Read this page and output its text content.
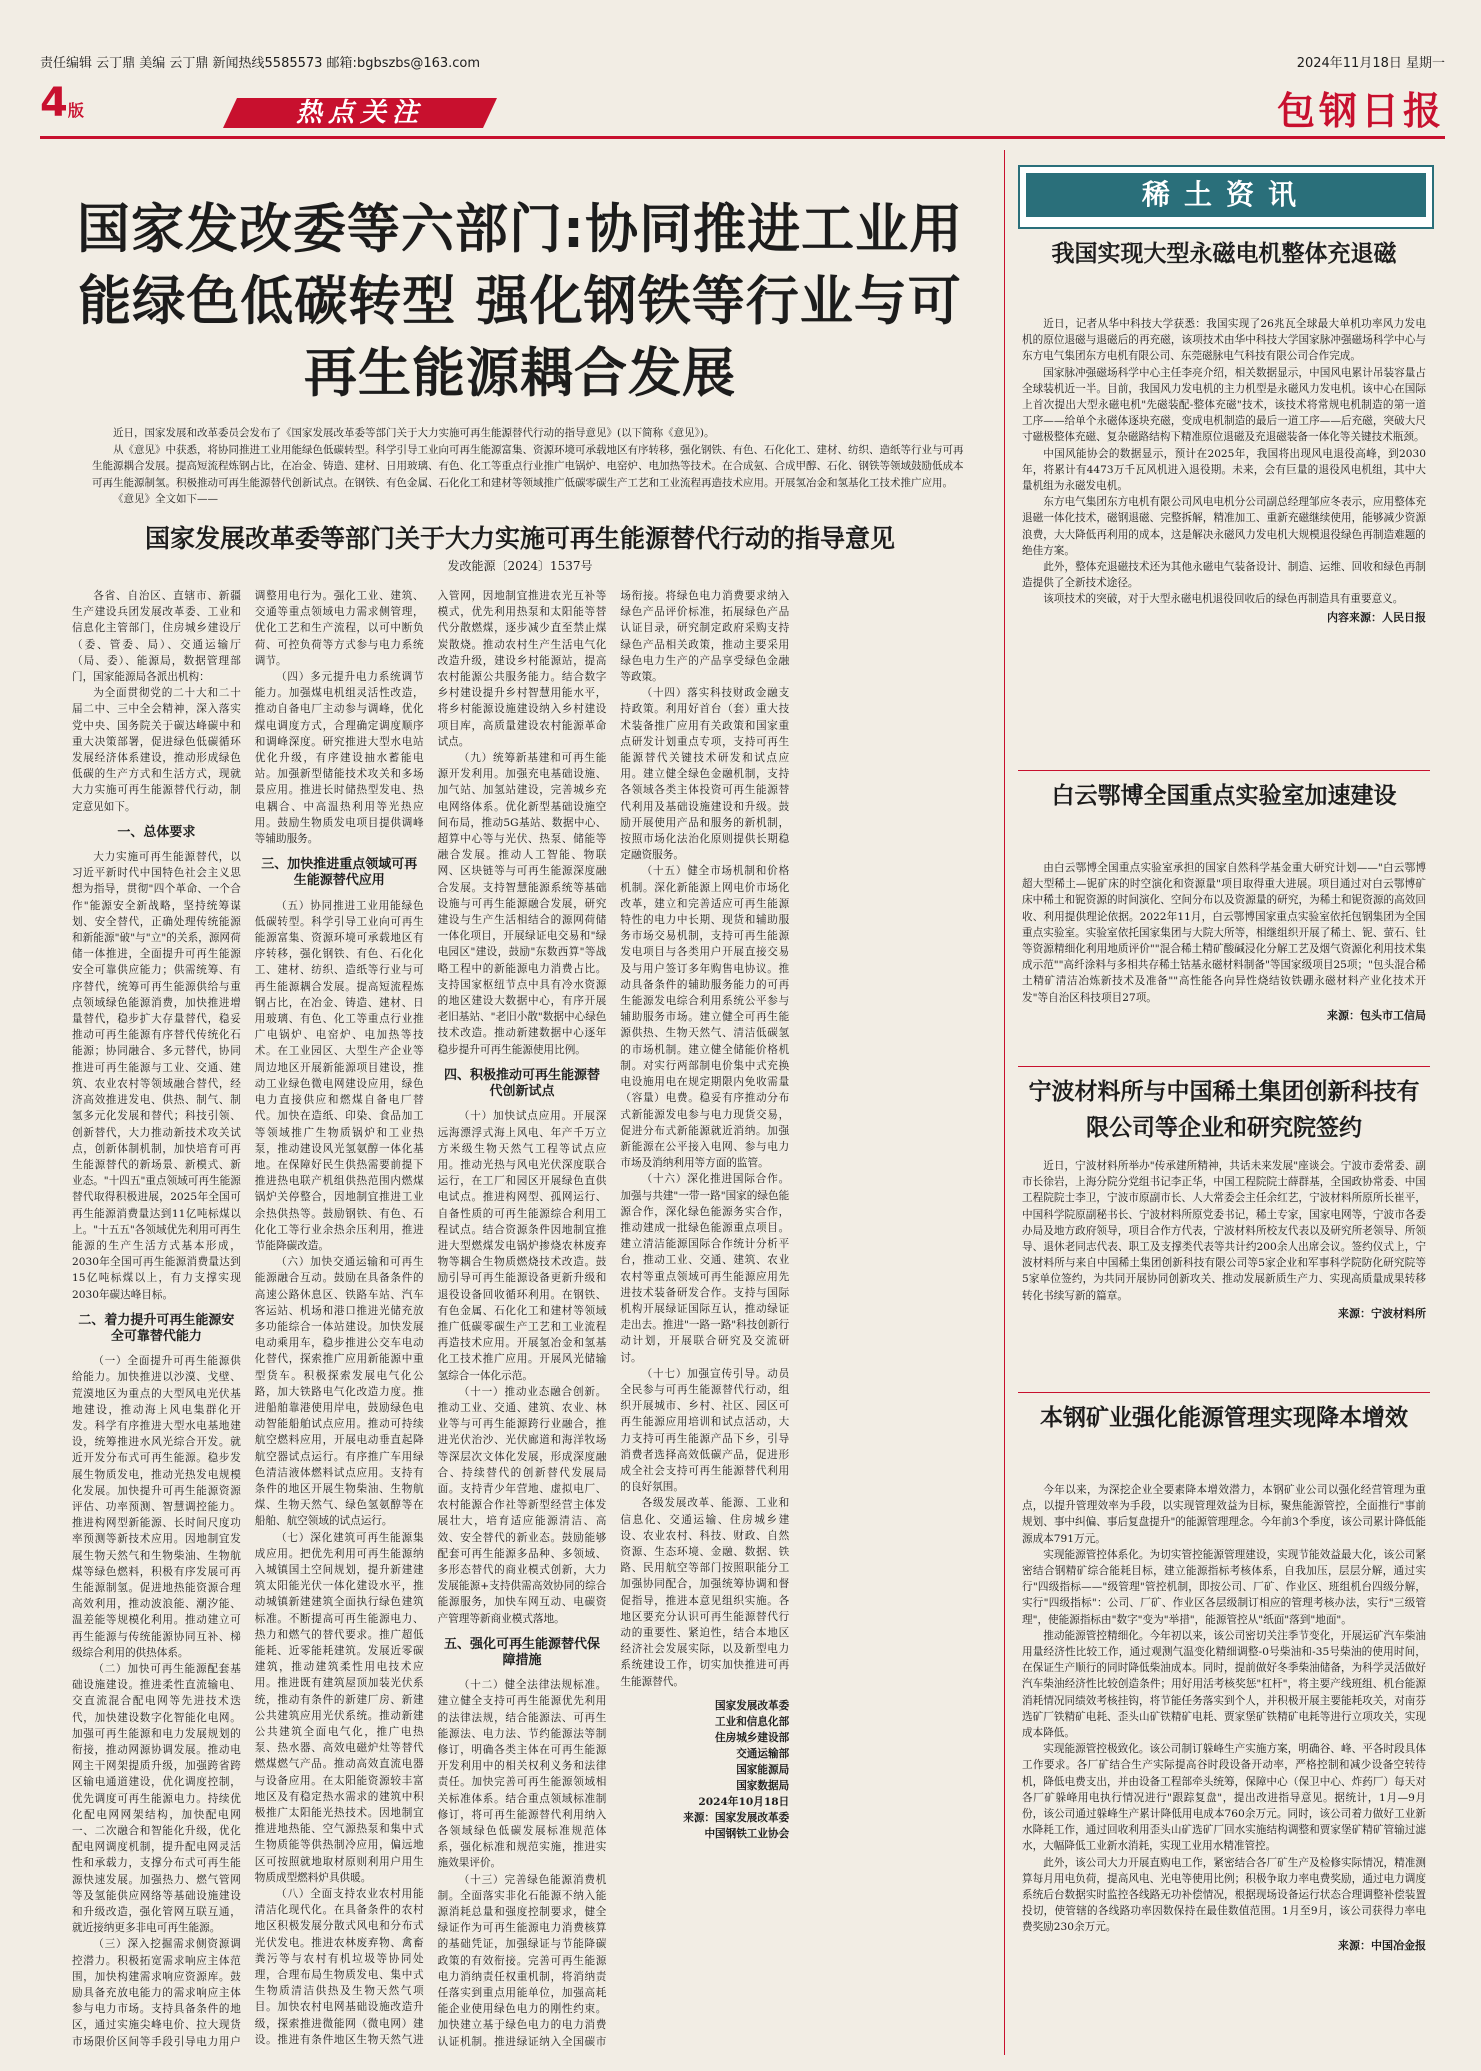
责任编辑 云丁鼎 美编 云丁鼎 新闻热线5585573 邮箱:bgbszbs@163.com	2024年11月18日 星期一
4版	热点关注	包钢日报
国家发改委等六部门:协同推进工业用能绿色低碳转型 强化钢铁等行业与可再生能源耦合发展

近日，国家发展和改革委员会发布了《国家发展改革委等部门关于大力实施可再生能源替代行动的指导意见》(以下简称《意见》)。

从《意见》中获悉，将协同推进工业用能绿色低碳转型。科学引导工业向可再生能源富集、资源环境可承载地区有序转移，强化钢铁、有色、石化化工、建材、纺织、造纸等行业与可再生能源耦合发展。提高短流程炼钢占比，在冶金、铸造、建材、日用玻璃、有色、化工等重点行业推广电锅炉、电窑炉、电加热等技术。在合成氨、合成甲醇、石化、钢铁等领域鼓励低成本可再生能源制氢。积极推动可再生能源替代创新试点。在钢铁、有色金属、石化化工和建材等领域推广低碳零碳生产工艺和工业流程再造技术应用。开展氢冶金和氢基化工技术推广应用。

《意见》全文如下——

国家发展改革委等部门关于大力实施可再生能源替代行动的指导意见
发改能源〔2024〕1537号

各省、自治区、直辖市、新疆生产建设兵团发展改革委、工业和信息化主管部门，住房城乡建设厅（委、管委、局）、交通运输厅（局、委）、能源局，数据管理部门，国家能源局各派出机构：

为全面贯彻党的二十大和二十届二中、三中全会精神，深入落实党中央、国务院关于碳达峰碳中和重大决策部署，促进绿色低碳循环发展经济体系建设，推动形成绿色低碳的生产方式和生活方式，现就大力实施可再生能源替代行动，制定意见如下。

一、总体要求

大力实施可再生能源替代，以习近平新时代中国特色社会主义思想为指导，贯彻"四个革命、一个合作"能源安全新战略，坚持统筹谋划、安全替代，正确处理传统能源和新能源"破"与"立"的关系，源网荷储一体推进，全面提升可再生能源安全可靠供应能力；供需统筹、有序替代，统筹可再生能源供给与重点领域绿色能源消费，加快推进增量替代，稳步扩大存量替代，稳妥推动可再生能源有序替代传统化石能源；协同融合、多元替代，协同推进可再生能源与工业、交通、建筑、农业农村等领域融合替代，经济高效推进发电、供热、制气、制氢多元化发展和替代；科技引领、创新替代，大力推动新技术攻关试点，创新体制机制，加快培育可再生能源替代的新场景、新模式、新业态。"十四五"重点领域可再生能源替代取得积极进展，2025年全国可再生能源消费量达到11亿吨标煤以上。"十五五"各领域优先利用可再生能源的生产生活方式基本形成，2030年全国可再生能源消费量达到15亿吨标煤以上，有力支撑实现2030年碳达峰目标。

二、着力提升可再生能源安全可靠替代能力

（一）全面提升可再生能源供给能力。加快推进以沙漠、戈壁、荒漠地区为重点的大型风电光伏基地建设，推动海上风电集群化开发。科学有序推进大型水电基地建设，统筹推进水风光综合开发。就近开发分布式可再生能源。稳步发展生物质发电，推动光热发电规模化发展。加快提升可再生能源资源评估、功率预测、智慧调控能力。推进构网型新能源、长时间尺度功率预测等新技术应用。因地制宜发展生物天然气和生物柴油、生物航煤等绿色燃料，积极有序发展可再生能源制氢。促进地热能资源合理高效利用，推动波浪能、潮汐能、温差能等规模化利用。推动建立可再生能源与传统能源协同互补、梯级综合利用的供热体系。

（二）加快可再生能源配套基础设施建设。推进柔性直流输电、交直流混合配电网等先进技术迭代，加快建设数字化智能化电网。加强可再生能源和电力发展规划的衔接，推动网源协调发展。推动电网主干网架提质升级，加强跨省跨区输电通道建设，优化调度控制，优先调度可再生能源电力。持续优化配电网网架结构，加快配电网一、二次融合和智能化升级，优化配电网调度机制，提升配电网灵活性和承载力，支撑分布式可再生能源快速发展。加强热力、燃气管网等及氢能供应网络等基础设施建设和升级改造，强化管网互联互通，就近接纳更多非电可再生能源。

（三）深入挖掘需求侧资源调控潜力。积极拓宽需求响应主体范围，加快构建需求响应资源库。鼓励具备充放电能力的需求响应主体参与电力市场。支持具备条件的地区，通过实施尖峰电价、拉大现货市场限价区间等手段引导电力用户调整用电行为。强化工业、建筑、交通等重点领域电力需求侧管理，优化工艺和生产流程，以可中断负荷、可控负荷等方式参与电力系统调节。

（四）多元提升电力系统调节能力。加强煤电机组灵活性改造，推动自备电厂主动参与调峰，优化煤电调度方式，合理确定调度顺序和调峰深度。研究推进大型水电站优化升级，有序建设抽水蓄能电站。加强新型储能技术攻关和多场景应用。推进长时储热型发电、热电耦合、中高温热利用等光热应用。鼓励生物质发电项目提供调峰等辅助服务。

三、加快推进重点领域可再生能源替代应用

（五）协同推进工业用能绿色低碳转型。科学引导工业向可再生能源富集、资源环境可承载地区有序转移，强化钢铁、有色、石化化工、建材、纺织、造纸等行业与可再生能源耦合发展。提高短流程炼钢占比，在冶金、铸造、建材、日用玻璃、有色、化工等重点行业推广电锅炉、电窑炉、电加热等技术。在工业园区、大型生产企业等周边地区开展新能源项目建设，推动工业绿色微电网建设应用，绿色电力直接供应和燃煤自备电厂替代。加快在造纸、印染、食品加工等领域推广生物质锅炉和工业热泵，推动建设风光氢氨醇一体化基地。在保障好民生供热需要前提下推进热电联产机组供热范围内燃煤锅炉关停整合，因地制宜推进工业余热供热等。鼓励钢铁、有色、石化化工等行业余热余压利用，推进节能降碳改造。

（六）加快交通运输和可再生能源融合互动。鼓励在具备条件的高速公路休息区、铁路车站、汽车客运站、机场和港口推进光储充放多功能综合一体站建设。加快发展电动乘用车，稳步推进公交车电动化替代，探索推广应用新能源中重型货车。积极探索发展电气化公路，加大铁路电气化改造力度。推进船舶靠港使用岸电，鼓励绿色电动智能船舶试点应用。推动可持续航空燃料应用，开展电动垂直起降航空器试点运行。有序推广车用绿色清洁液体燃料试点应用。支持有条件的地区开展生物柴油、生物航煤、生物天然气、绿色氢氨醇等在船舶、航空领域的试点运行。

（七）深化建筑可再生能源集成应用。把优先利用可再生能源纳入城镇国土空间规划，提升新建建筑太阳能光伏一体化建设水平，推动城镇新建建筑全面执行绿色建筑标准。不断提高可再生能源电力、热力和燃气的替代要求。推广超低能耗、近零能耗建筑。发展近零碳建筑，推动建筑柔性用电技术应用。推进既有建筑屋顶加装光伏系统，推动有条件的新建厂房、新建公共建筑应用光伏系统。推动新建公共建筑全面电气化，推广电热泵、热水器、高效电磁炉灶等替代燃煤燃气产品。推动高效直流电器与设备应用。在太阳能资源较丰富地区及有稳定热水需求的建筑中积极推广太阳能光热技术。因地制宜推进地热能、空气源热泵和集中式生物质能等供热制冷应用，偏远地区可按照就地取材原则利用户用生物质成型燃料炉具供暖。

（八）全面支持农业农村用能清洁化现代化。在具备条件的农村地区积极发展分散式风电和分布式光伏发电。推进农林废弃物、禽畜粪污等与农村有机垃圾等协同处理，合理布局生物质发电、集中式生物质清洁供热及生物天然气项目。加快农村电网基础设施改造升级，探索推进微能网（微电网）建设。推进有条件地区生物天然气进入管网，因地制宜推进农光互补等模式，优先利用热泵和太阳能等替代分散燃煤，逐步减少直至禁止煤炭散烧。推动农村生产生活电气化改造升级，建设乡村能源站，提高农村能源公共服务能力。结合数字乡村建设提升乡村智慧用能水平，将乡村能源设施建设纳入乡村建设项目库，高质量建设农村能源革命试点。

（九）统筹新基建和可再生能源开发利用。加强充电基础设施、加气站、加氢站建设，完善城乡充电网络体系。优化新型基础设施空间布局，推动5G基站、数据中心、超算中心等与光伏、热泵、储能等融合发展。推动人工智能、物联网、区块链等与可再生能源深度融合发展。支持智慧能源系统等基础设施与可再生能源融合发展，研究建设与生产生活相结合的源网荷储一体化项目，开展绿证电交易和"绿电园区"建设，鼓励"东数西算"等战略工程中的新能源电力消费占比。支持国家枢纽节点中具有冷水资源的地区建设大数据中心，有序开展老旧基站、"老旧小散"数据中心绿色技术改造。推动新建数据中心逐年稳步提升可再生能源使用比例。

四、积极推动可再生能源替代创新试点

（十）加快试点应用。开展深远海漂浮式海上风电、年产千万立方米级生物天然气工程等试点应用。推动光热与风电光伏深度联合运行，在工厂和园区开展绿色直供电试点。推进构网型、孤网运行、自备性质的可再生能源综合利用工程试点。结合资源条件因地制宜推进大型燃煤发电锅炉掺烧农林废弃物等耦合生物质燃烧技术改造。鼓励引导可再生能源设备更新升级和退役设备回收循环利用。在钢铁、有色金属、石化化工和建材等领域推广低碳零碳生产工艺和工业流程再造技术应用。开展氢冶金和氢基化工技术推广应用。开展风光储输氢综合一体化示范。

（十一）推动业态融合创新。推动工业、交通、建筑、农业、林业等与可再生能源跨行业融合，推进光伏治沙、光伏廊道和海洋牧场等深层次文体化发展，形成深度融合、持续替代的创新替代发展局面。支持青少年营地、虚拟电厂、农村能源合作社等新型经营主体发展壮大，培育适应能源清洁、高效、安全替代的新业态。鼓励能够配套可再生能源多品种、多领域、多形态替代的商业模式创新，大力发展能源+支持供需高效协同的综合能源服务，加快车网互动、电碳资产管理等新商业模式落地。

五、强化可再生能源替代保障措施

（十二）健全法律法规标准。建立健全支持可再生能源优先利用的法律法规，结合能源法、可再生能源法、电力法、节约能源法等制修订，明确各类主体在可再生能源开发利用中的相关权利义务和法律责任。加快完善可再生能源领域相关标准体系。结合重点领域标准制修订，将可再生能源替代利用纳入各领域绿色低碳发展标准规范体系，强化标准和规范实施，推进实施效果评价。

（十三）完善绿色能源消费机制。全面落实非化石能源不纳入能源消耗总量和强度控制要求，健全绿证作为可再生能源电力消费核算的基础凭证，加强绿证与节能降碳政策的有效衔接。完善可再生能源电力消纳责任权重机制，将消纳责任落实到重点用能单位，加强高耗能企业使用绿色电力的刚性约束。加快建立基于绿色电力的电力消费认证机制。推进绿证纳入全国碳市场衔接。将绿色电力消费要求纳入绿色产品评价标准，拓展绿色产品认证目录，研究制定政府采购支持绿色产品相关政策，推动主要采用绿色电力生产的产品享受绿色金融等政策。

（十四）落实科技财政金融支持政策。利用好首台（套）重大技术装备推广应用有关政策和国家重点研发计划重点专项，支持可再生能源替代关键技术研发和试点应用。建立健全绿色金融机制，支持各领域各类主体投资可再生能源替代利用及基础设施建设和升级。鼓励开展使用产品和服务的新机制，按照市场化法治化原则提供长期稳定融资服务。

（十五）健全市场机制和价格机制。深化新能源上网电价市场化改革，建立和完善适应可再生能源特性的电力中长期、现货和辅助服务市场交易机制，支持可再生能源发电项目与各类用户开展直接交易及与用户签订多年购售电协议。推动具备条件的辅助服务能力的可再生能源发电综合利用系统公平参与辅助服务市场。建立健全可再生能源供热、生物天然气、清洁低碳氢的市场机制。建立健全储能价格机制。对实行两部制电价集中式充换电设施用电在规定期限内免收需量（容量）电费。稳妥有序推动分布式新能源发电参与电力现货交易，促进分布式新能源就近消纳。加强新能源在公平接入电网、参与电力市场及消纳利用等方面的监管。

（十六）深化推进国际合作。加强与共建"一带一路"国家的绿色能源合作，深化绿色能源务实合作，推动建成一批绿色能源重点项目。建立清洁能源国际合作统计分析平台，推动工业、交通、建筑、农业农村等重点领域可再生能源应用先进技术装备研发合作。支持与国际机构开展绿证国际互认，推动绿证走出去。推进"一路一路"科技创新行动计划，开展联合研究及交流研讨。

（十七）加强宣传引导。动员全民参与可再生能源替代行动，组织开展城市、乡村、社区、园区可再生能源应用培训和试点活动，大力支持可再生能源产品下乡，引导消费者选择高效低碳产品，促进形成全社会支持可再生能源替代利用的良好氛围。

各级发展改革、能源、工业和信息化、交通运输、住房城乡建设、农业农村、科技、财政、自然资源、生态环境、金融、数据、铁路、民用航空等部门按照职能分工加强协同配合，加强统筹协调和督促指导，推进本意见组织实施。各地区要充分认识可再生能源替代行动的重要性、紧迫性，结合本地区经济社会发展实际，以及新型电力系统建设工作，切实加快推进可再生能源替代。

国家发展改革委
工业和信息化部
住房城乡建设部
交通运输部
国家能源局
国家数据局
2024年10月18日
来源：国家发展改革委
中国钢铁工业协会
稀土资讯
我国实现大型永磁电机整体充退磁

近日，记者从华中科技大学获悉：我国实现了26兆瓦全球最大单机功率风力发电机的原位退磁与退磁后的再充磁，该项技术由华中科技大学国家脉冲强磁场科学中心与东方电气集团东方电机有限公司、东莞磁脉电气科技有限公司合作完成。

国家脉冲强磁场科学中心主任李亮介绍，相关数据显示，中国风电累计吊装容量占全球装机近一半。目前，我国风力发电机的主力机型是永磁风力发电机。该中心在国际上首次提出大型永磁电机"先磁装配-整体充磁"技术，该技术将常规电机制造的第一道工序——给单个永磁体逐块充磁，变成电机制造的最后一道工序——后充磁，突破大尺寸磁极整体充磁、复杂磁路结构下精准原位退磁及充退磁装备一体化等关键技术瓶颈。

中国风能协会的数据显示，预计在2025年，我国将出现风电退役高峰，到2030年，将累计有4473万千瓦风机进入退役期。未来，会有巨量的退役风电机组，其中大量机组为永磁发电机。

东方电气集团东方电机有限公司风电电机分公司副总经理邹应冬表示，应用整体充退磁一体化技术，磁钢退磁、完整拆解，精准加工、重新充磁继续使用，能够减少资源浪费，大大降低再利用的成本，这是解决永磁风力发电机大规模退役绿色再制造难题的绝佳方案。

此外，整体充退磁技术还为其他永磁电气装备设计、制造、运维、回收和绿色再制造提供了全新技术途径。

该项技术的突破，对于大型永磁电机退役回收后的绿色再制造具有重要意义。

内容来源：人民日报
白云鄂博全国重点实验室加速建设

由白云鄂博全国重点实验室承担的国家自然科学基金重大研究计划——"白云鄂博超大型稀土—铌矿床的时空演化和资源量"项目取得重大进展。项目通过对白云鄂博矿床中稀土和铌资源的时间演化、空间分布以及资源量的研究，为稀土和铌资源的高效回收、利用提供理论依据。2022年11月，白云鄂博国家重点实验室依托包钢集团为全国重点实验室。实验室依托国家集团与大院大所等，相继组织开展了稀土、铌、萤石、钍等资源精细化利用地质评价""混合稀土精矿酸碱浸化分解工艺及烟气资源化利用技术集成示范""高纤涂料与多相共存稀土钴基永磁材料制备"等国家级项目25项；"包头混合稀土精矿清洁冶炼新技术及准备""高性能各向异性烧结钕铁硼永磁材料产业化技术开发"等自治区科技项目27项。

来源：包头市工信局
宁波材料所与中国稀土集团创新科技有限公司等企业和研究院签约

近日，宁波材料所举办"传承建所精神，共话未来发展"座谈会。宁波市委常委、副市长徐岩，上海分院分党组书记李正华，中国工程院院士薛群基，全国政协常委、中国工程院院士李卫，宁波市原副市长、人大常委会主任余红艺，宁波材料所原所长崔平，中国科学院原副秘书长、宁波材料所原党委书记，稀土专家，国家电网等，宁波市各委办局及地方政府领导，项目合作方代表，宁波材料所校友代表以及研究所老领导、所领导、退休老同志代表、职工及支撑类代表等共计约200余人出席会议。签约仪式上，宁波材料所与来自中国稀土集团创新科技有限公司等5家企业和军事科学院防化研究院等5家单位签约，为共同开展协同创新攻关、推动发展新质生产力、实现高质量成果转移转化书续写新的篇章。

来源：宁波材料所
本钢矿业强化能源管理实现降本增效

今年以来，为深挖企业全要素降本增效潜力，本钢矿业公司以强化经营管理为重点，以提升管理效率为手段，以实现管理效益为目标，聚焦能源管控，全面推行"事前规划、事中纠偏、事后复盘提升"的能源管理理念。今年前3个季度，该公司累计降低能源成本791万元。

实现能源管控体系化。为切实管控能源管理建设，实现节能效益最大化，该公司紧密结合钢精矿综合能耗目标，建立能源指标考核体系，自我加压，层层分解，通过实行"四级指标——"级管理"管控机制，即按公司、厂矿、作业区、班组机台四级分解，实行"四级指标"：公司、厂矿、作业区各层级制订相应的管理考核办法，实行"三级管理"，使能源指标由"数字"变为"举措"，能源管控从"纸面"落到"地面"。

推动能源管控精细化。今年初以来，该公司密切关注季节变化，开展运矿汽车柴油用量经济性比较工作，通过观测气温变化精细调整-0号柴油和-35号柴油的使用时间，在保证生产顺行的同时降低柴油成本。同时，提前做好冬季柴油储备，为科学灵活做好汽车柴油经济性比较创造条件；用好用活考核奖惩"杠杆"，将主要产线班组、机台能源消耗情况同绩效考核挂钩，将节能任务落实到个人，并积极开展主要能耗攻关，对南芬选矿厂铁精矿电耗、歪头山矿铁精矿电耗、贾家堡矿铁精矿电耗等进行立项攻关，实现成本降低。

实现能源管控极致化。该公司制订躲峰生产实施方案，明确谷、峰、平各时段具体工作要求。各厂矿结合生产实际提高谷时段设备开动率，严格控制和减少设备空转待机，降低电费支出，并由设备工程部牵头统筹，保障中心（保卫中心、炸药厂）每天对各厂矿躲峰用电执行情况进行"跟踪复盘"，提出改进指导意见。据统计，1月—9月份，该公司通过躲峰生产累计降低用电成本760余万元。同时，该公司着力做好工业新水降耗工作，通过回收利用歪头山矿选矿厂回水实施结构调整和贾家堡矿精矿管输过滤水，大幅降低工业新水消耗，实现工业用水精准管控。

此外，该公司大力开展直购电工作，紧密结合各厂矿生产及检修实际情况，精准测算每月用电负荷，提高风电、光电等使用比例；积极争取力率电费奖励，通过电力调度系统后台数据实时监控各线路无功补偿情况，根据现场设备运行状态合理调整补偿装置投切，使管辖的各线路功率因数保持在最佳数值范围。1月至9月，该公司获得力率电费奖励230余万元。

来源：中国冶金报
